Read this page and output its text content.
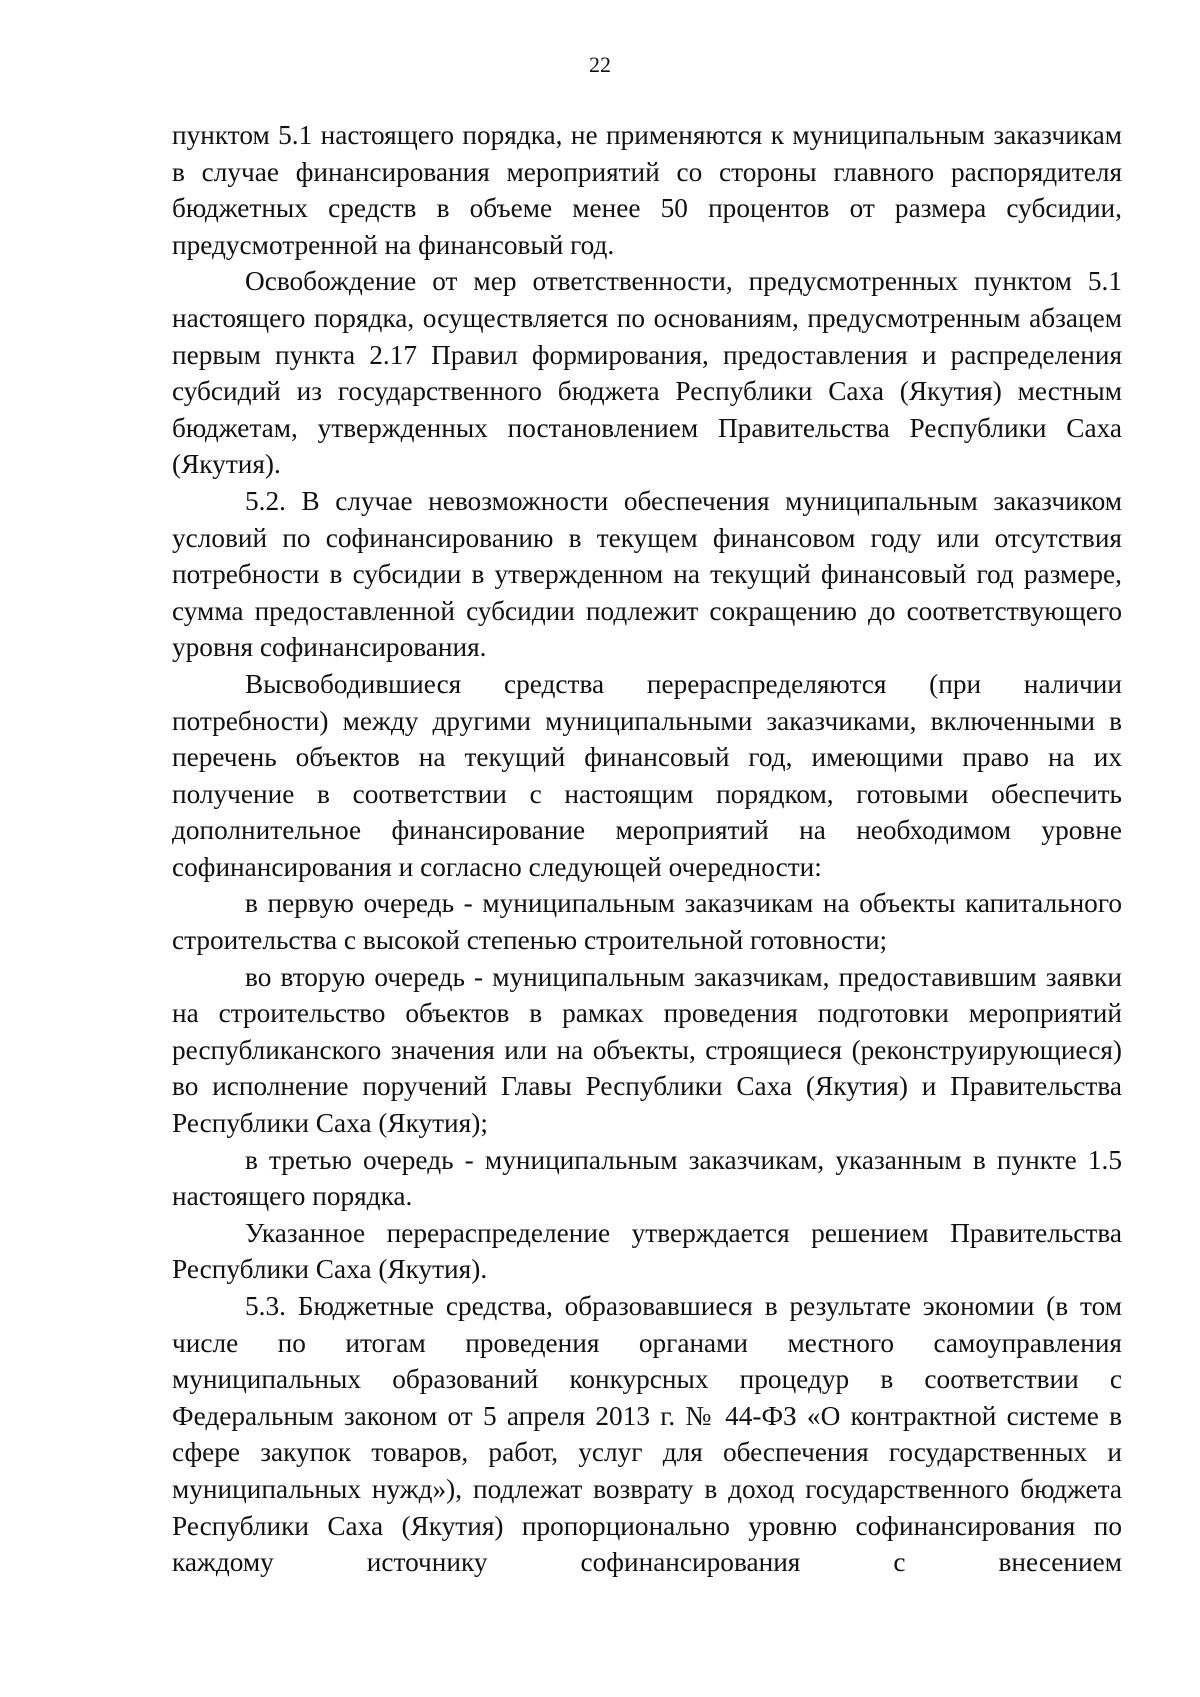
22

пунктом 5.1 настоящего порядка, не применяются к муниципальным заказчикам в случае финансирования мероприятий со стороны главного распорядителя бюджетных средств в объеме менее 50 процентов от размера субсидии, предусмотренной на финансовый год.

Освобождение от мер ответственности, предусмотренных пунктом 5.1 настоящего порядка, осуществляется по основаниям, предусмотренным абзацем первым пункта 2.17 Правил формирования, предоставления и распределения субсидий из государственного бюджета Республики Саха (Якутия) местным бюджетам, утвержденных постановлением Правительства Республики Саха (Якутия).

5.2. В случае невозможности обеспечения муниципальным заказчиком условий по софинансированию в текущем финансовом году или отсутствия потребности в субсидии в утвержденном на текущий финансовый год размере, сумма предоставленной субсидии подлежит сокращению до соответствующего уровня софинансирования.

Высвободившиеся средства перераспределяются (при наличии потребности) между другими муниципальными заказчиками, включенными в перечень объектов на текущий финансовый год, имеющими право на их получение в соответствии с настоящим порядком, готовыми обеспечить дополнительное финансирование мероприятий на необходимом уровне софинансирования и согласно следующей очередности:

в первую очередь - муниципальным заказчикам на объекты капитального строительства с высокой степенью строительной готовности;

во вторую очередь - муниципальным заказчикам, предоставившим заявки на строительство объектов в рамках проведения подготовки мероприятий республиканского значения или на объекты, строящиеся (реконструирующиеся) во исполнение поручений Главы Республики Саха (Якутия) и Правительства Республики Саха (Якутия);

в третью очередь - муниципальным заказчикам, указанным в пункте 1.5 настоящего порядка.

Указанное перераспределение утверждается решением Правительства Республики Саха (Якутия).

5.3. Бюджетные средства, образовавшиеся в результате экономии (в том числе по итогам проведения органами местного самоуправления муниципальных образований конкурсных процедур в соответствии с Федеральным законом от 5 апреля 2013 г. № 44-ФЗ «О контрактной системе в сфере закупок товаров, работ, услуг для обеспечения государственных и муниципальных нужд»), подлежат возврату в доход государственного бюджета Республики Саха (Якутия) пропорционально уровню софинансирования по каждому источнику софинансирования с внесением
